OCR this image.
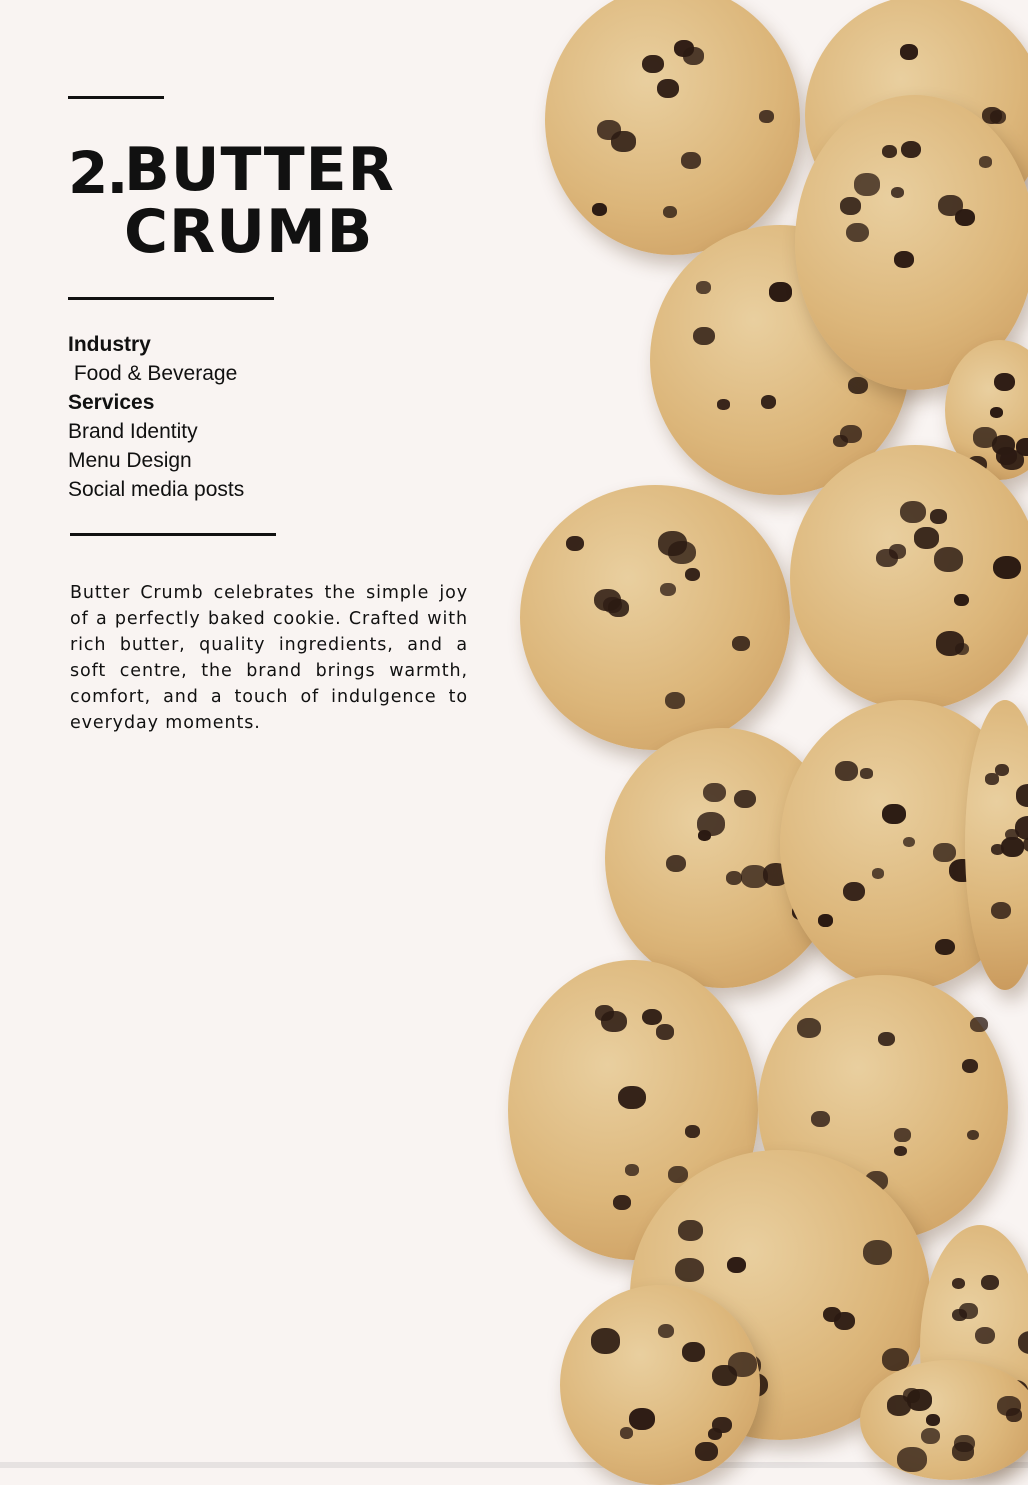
2.
BUTTER
CRUMB
Industry
Food & Beverage
Services
Brand Identity
Menu Design
Social media posts

Butter Crumb celebrates the simple joy of a perfectly baked cookie. Crafted with rich butter, quality ingredients, and a soft centre, the brand brings warmth, comfort, and a touch of indulgence to everyday moments.
